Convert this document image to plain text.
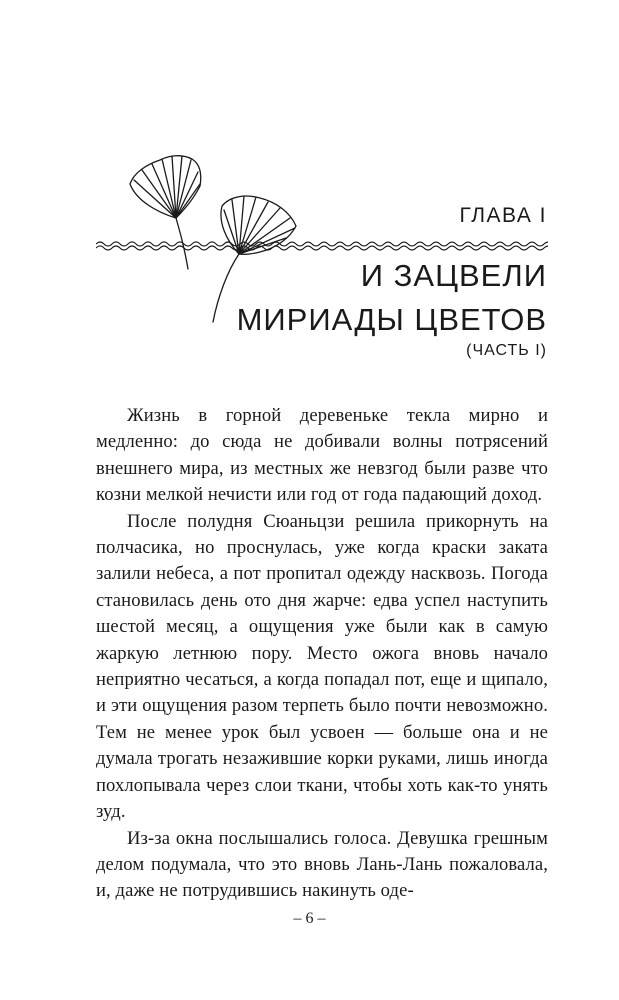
ГЛАВА I
И ЗАЦВЕЛИ
МИРИАДЫ ЦВЕТОВ
(ЧАСТЬ I)

Жизнь в горной деревеньке текла мирно и медленно: до сюда не добивали волны потрясений внешнего мира, из местных же невзгод были разве что козни мелкой нечисти или год от года падающий доход.

После полудня Сюаньцзи решила прикорнуть на полчасика, но проснулась, уже когда краски заката залили небеса, а пот пропитал одежду насквозь. Погода становилась день ото дня жарче: едва успел наступить шестой месяц, а ощущения уже были как в самую жаркую летнюю пору. Место ожога вновь начало неприятно чесаться, а когда попадал пот, еще и щипало, и эти ощущения разом терпеть было почти невозможно. Тем не менее урок был усвоен — больше она и не думала трогать незажившие корки руками, лишь иногда похлопывала через слои ткани, чтобы хоть как-то унять зуд.

Из-за окна послышались голоса. Девушка грешным делом подумала, что это вновь Лань-Лань пожаловала, и, даже не потрудившись накинуть оде-

– 6 –
